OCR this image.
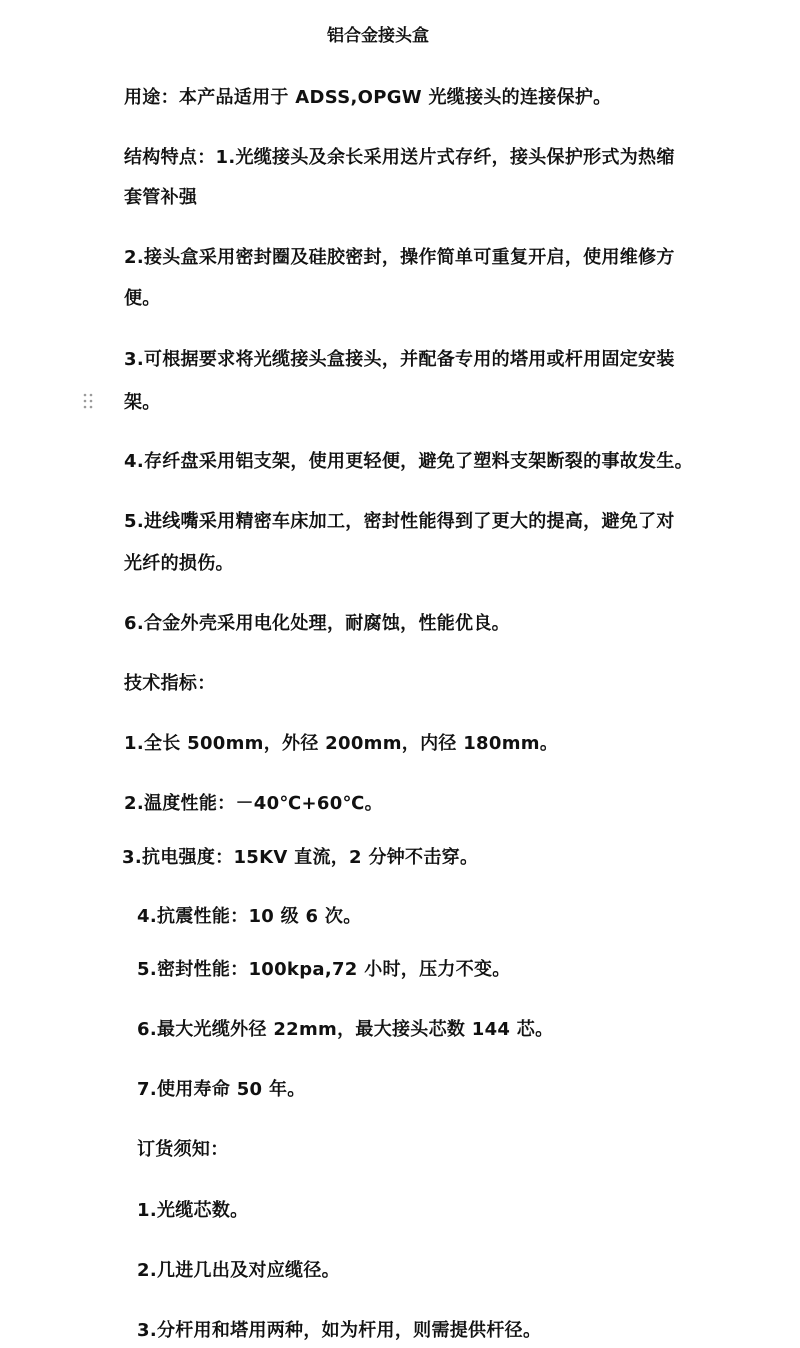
铝合金接头盒
用途：本产品适用于 ADSS,OPGW 光缆接头的连接保护。
结构特点：1.光缆接头及余长采用送片式存纤，接头保护形式为热缩
套管补强
2.接头盒采用密封圈及硅胶密封，操作简单可重复开启，使用维修方
便。
3.可根据要求将光缆接头盒接头，并配备专用的塔用或杆用固定安装
架。
4.存纤盘采用铝支架，使用更轻便，避免了塑料支架断裂的事故发生。
5.进线嘴采用精密车床加工，密封性能得到了更大的提高，避免了对
光纤的损伤。
6.合金外壳采用电化处理，耐腐蚀，性能优良。
技术指标：
1.全长 500mm，外径 200mm，内径 180mm。
2.温度性能：－40℃+60℃。
3.抗电强度：15KV 直流，2 分钟不击穿。
4.抗震性能：10 级 6 次。
5.密封性能：100kpa,72 小时，压力不变。
6.最大光缆外径 22mm，最大接头芯数 144 芯。
7.使用寿命 50 年。
订货须知：
1.光缆芯数。
2.几进几出及对应缆径。
3.分杆用和塔用两种，如为杆用，则需提供杆径。
